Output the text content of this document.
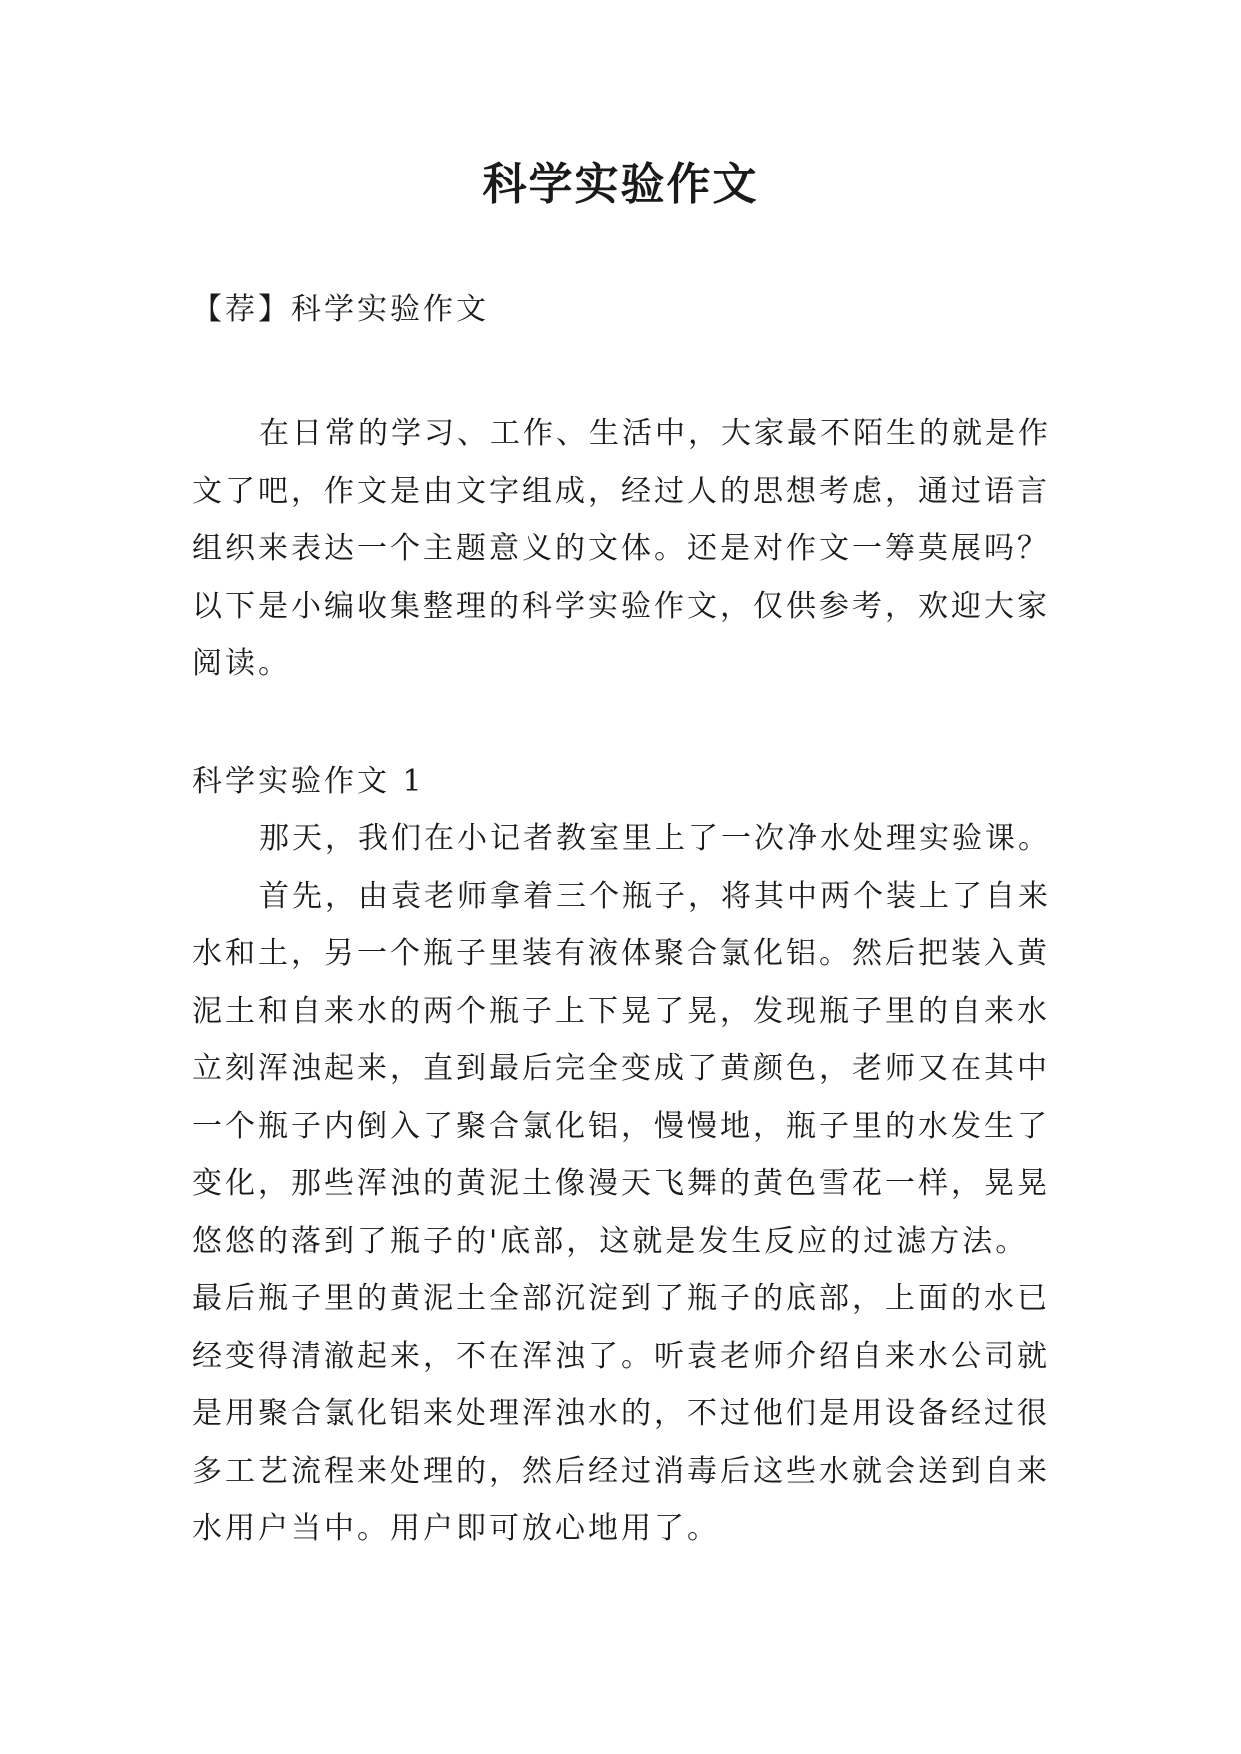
科学实验作文

【荐】科学实验作文

在日常的学习、工作、生活中，大家最不陌生的就是作
文了吧，作文是由文字组成，经过人的思想考虑，通过语言
组织来表达一个主题意义的文体。还是对作文一筹莫展吗？
以下是小编收集整理的科学实验作文，仅供参考，欢迎大家
阅读。

科学实验作文 1

那天，我们在小记者教室里上了一次净水处理实验课。
首先，由袁老师拿着三个瓶子，将其中两个装上了自来
水和土，另一个瓶子里装有液体聚合氯化铝。然后把装入黄
泥土和自来水的两个瓶子上下晃了晃，发现瓶子里的自来水
立刻浑浊起来，直到最后完全变成了黄颜色，老师又在其中
一个瓶子内倒入了聚合氯化铝，慢慢地，瓶子里的水发生了
变化，那些浑浊的黄泥土像漫天飞舞的黄色雪花一样，晃晃
悠悠的落到了瓶子的'底部，这就是发生反应的过滤方法。
最后瓶子里的黄泥土全部沉淀到了瓶子的底部，上面的水已
经变得清澈起来，不在浑浊了。听袁老师介绍自来水公司就
是用聚合氯化铝来处理浑浊水的，不过他们是用设备经过很
多工艺流程来处理的，然后经过消毒后这些水就会送到自来
水用户当中。用户即可放心地用了。
